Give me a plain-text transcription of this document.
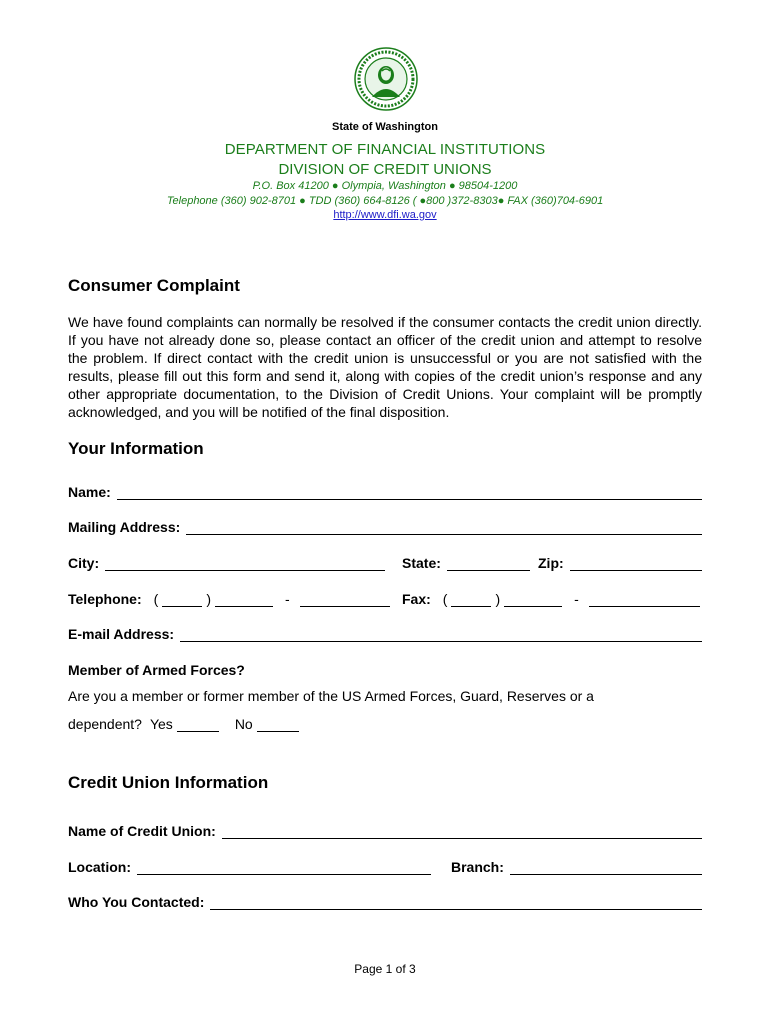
State of Washington
DEPARTMENT OF FINANCIAL INSTITUTIONS
DIVISION OF CREDIT UNIONS
P.O. Box 41200 ● Olympia, Washington ● 98504-1200
Telephone (360) 902-8701 ● TDD (360) 664-8126 ( ●800 )372-8303● FAX (360)704-6901
http://www.dfi.wa.gov
Consumer Complaint

We have found complaints can normally be resolved if the consumer contacts the credit union directly. If you have not already done so, please contact an officer of the credit union and attempt to resolve the problem. If direct contact with the credit union is unsuccessful or you are not satisfied with the results, please fill out this form and send it, along with copies of the credit union’s response and any other appropriate documentation, to the Division of Credit Unions. Your complaint will be promptly acknowledged, and you will be notified of the final disposition.

Your Information
Name:
Mailing Address:
City:	State:	Zip:
Telephone: (	)	-	Fax: (	)	-
E-mail Address:
Member of Armed Forces?
Are you a member or former member of the US Armed Forces, Guard, Reserves or a
dependent? Yes	No
Credit Union Information
Name of Credit Union:
Location:	Branch:
Who You Contacted:
Page 1 of 3
